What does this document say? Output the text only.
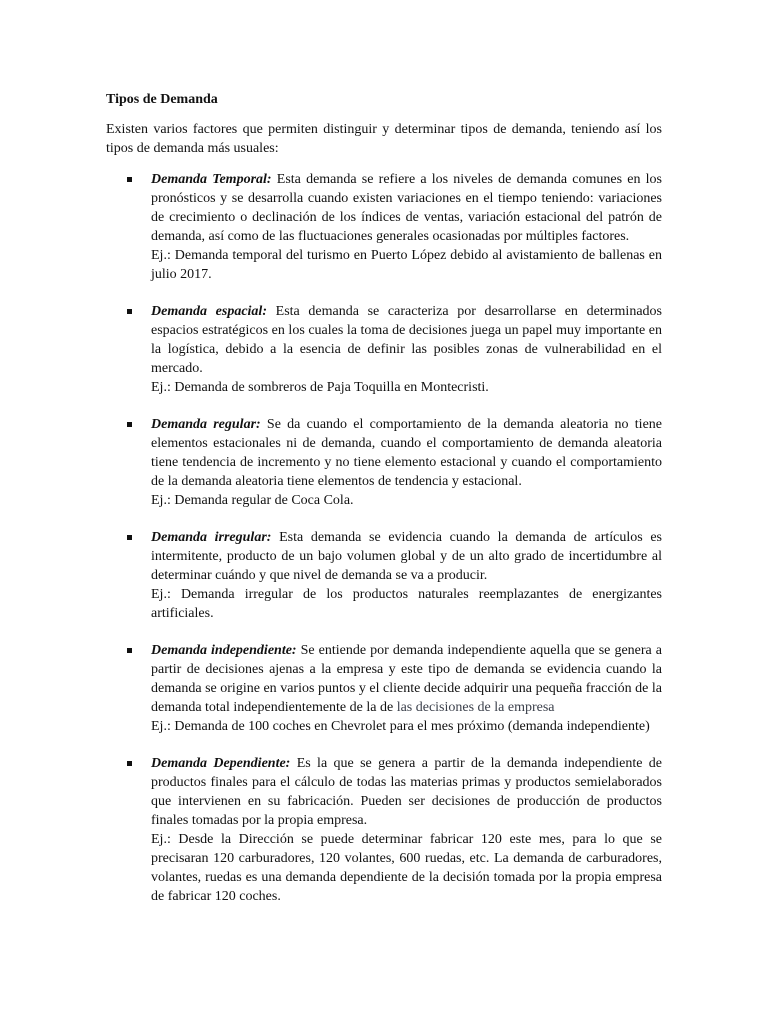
Tipos de Demanda

Existen varios factores que permiten distinguir y determinar tipos de demanda, teniendo así los tipos de demanda más usuales:

Demanda Temporal: Esta demanda se refiere a los niveles de demanda comunes en los pronósticos y se desarrolla cuando existen variaciones en el tiempo teniendo: variaciones de crecimiento o declinación de los índices de ventas, variación estacional del patrón de demanda, así como de las fluctuaciones generales ocasionadas por múltiples factores.
Ej.: Demanda temporal del turismo en Puerto López debido al avistamiento de ballenas en julio 2017.
Demanda espacial: Esta demanda se caracteriza por desarrollarse en determinados espacios estratégicos en los cuales la toma de decisiones juega un papel muy importante en la logística, debido a la esencia de definir las posibles zonas de vulnerabilidad en el mercado.
Ej.: Demanda de sombreros de Paja Toquilla en Montecristi.
Demanda regular: Se da cuando el comportamiento de la demanda aleatoria no tiene elementos estacionales ni de demanda, cuando el comportamiento de demanda aleatoria tiene tendencia de incremento y no tiene elemento estacional y cuando el comportamiento de la demanda aleatoria tiene elementos de tendencia y estacional.
Ej.: Demanda regular de Coca Cola.
Demanda irregular: Esta demanda se evidencia cuando la demanda de artículos es intermitente, producto de un bajo volumen global y de un alto grado de incertidumbre al determinar cuándo y que nivel de demanda se va a producir.
Ej.: Demanda irregular de los productos naturales reemplazantes de energizantes artificiales.
Demanda independiente: Se entiende por demanda independiente aquella que se genera a partir de decisiones ajenas a la empresa y este tipo de demanda se evidencia cuando la demanda se origine en varios puntos y el cliente decide adquirir una pequeña fracción de la demanda total independientemente de la de las decisiones de la empresa
Ej.: Demanda de 100 coches en Chevrolet para el mes próximo (demanda independiente)
Demanda Dependiente: Es la que se genera a partir de la demanda independiente de productos finales para el cálculo de todas las materias primas y productos semielaborados que intervienen en su fabricación. Pueden ser decisiones de producción de productos finales tomadas por la propia empresa.
Ej.: Desde la Dirección se puede determinar fabricar 120 este mes, para lo que se precisaran 120 carburadores, 120 volantes, 600 ruedas, etc. La demanda de carburadores, volantes, ruedas es una demanda dependiente de la decisión tomada por la propia empresa de fabricar 120 coches.
